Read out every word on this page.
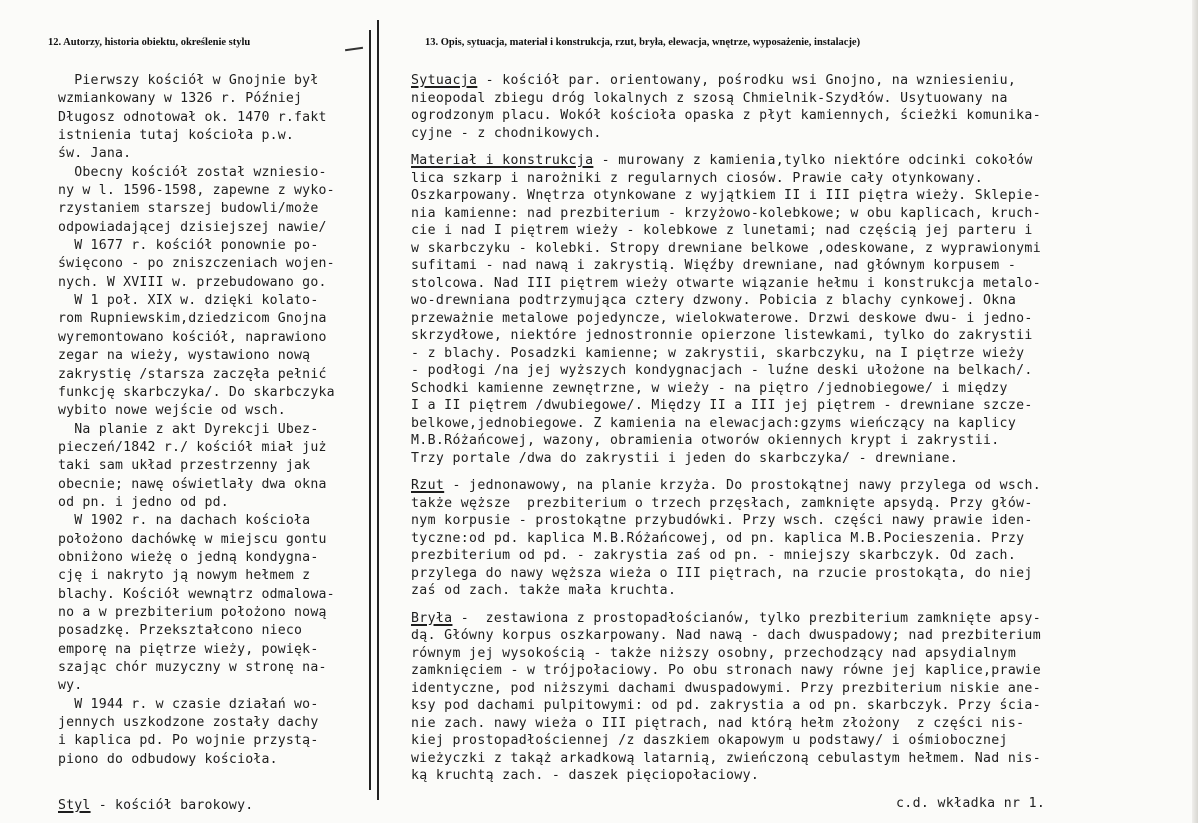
12. Autorzy, historia obiektu, określenie stylu	13. Opis, sytuacja, materiał i konstrukcja, rzut, bryła, elewacja, wnętrze, wyposażenie, instalacje)
Pierwszy kościół w Gnojnie był
wzmiankowany w 1326 r. Później
Długosz odnotował ok. 1470 r.fakt
istnienia tutaj kościoła p.w.
św. Jana.
Obecny kościół został wzniesio-
ny w l. 1596-1598, zapewne z wyko-
rzystaniem starszej budowli/może
odpowiadającej dzisiejszej nawie/
W 1677 r. kościół ponownie po-
święcono - po zniszczeniach wojen-
nych. W XVIII w. przebudowano go.
W 1 poł. XIX w. dzięki kolato-
rom Rupniewskim,dziedzicom Gnojna
wyremontowano kościół, naprawiono
zegar na wieży, wystawiono nową
zakrystię /starsza zaczęła pełnić
funkcję skarbczyka/. Do skarbczyka
wybito nowe wejście od wsch.
Na planie z akt Dyrekcji Ubez-
pieczeń/1842 r./ kościół miał już
taki sam układ przestrzenny jak
obecnie; nawę oświetlały dwa okna
od pn. i jedno od pd.
W 1902 r. na dachach kościoła
położono dachówkę w miejscu gontu
obniżono wieżę o jedną kondygna-
cję i nakryto ją nowym hełmem z
blachy. Kościół wewnątrz odmalowa-
no a w prezbiterium położono nową
posadzkę. Przekształcono nieco
emporę na piętrze wieży, powięk-
szając chór muzyczny w stronę na-
wy.
W 1944 r. w czasie działań wo-
jennych uszkodzone zostały dachy
i kaplica pd. Po wojnie przystą-
piono do odbudowy kościoła.
Styl - kościół barokowy.
Sytuacja - kościół par. orientowany, pośrodku wsi Gnojno, na wzniesieniu,
nieopodal zbiegu dróg lokalnych z szosą Chmielnik-Szydłów. Usytuowany na
ogrodzonym placu. Wokół kościoła opaska z płyt kamiennych, ścieżki komunika-
cyjne - z chodnikowych.
Materiał i konstrukcja - murowany z kamienia,tylko niektóre odcinki cokołów
lica szkarp i narożniki z regularnych ciosów. Prawie cały otynkowany.
Oszkarpowany. Wnętrza otynkowane z wyjątkiem II i III piętra wieży. Sklepie-
nia kamienne: nad prezbiterium - krzyżowo-kolebkowe; w obu kaplicach, kruch-
cie i nad I piętrem wieży - kolebkowe z lunetami; nad częścią jej parteru i
w skarbczyku - kolebki. Stropy drewniane belkowe ,odeskowane, z wyprawionymi
sufitami - nad nawą i zakrystią. Więźby drewniane, nad głównym korpusem -
stolcowa. Nad III piętrem wieży otwarte wiązanie hełmu i konstrukcja metalo-
wo-drewniana podtrzymująca cztery dzwony. Pobicia z blachy cynkowej. Okna
przeważnie metalowe pojedyncze, wielokwaterowe. Drzwi deskowe dwu- i jedno-
skrzydłowe, niektóre jednostronnie opierzone listewkami, tylko do zakrystii
- z blachy. Posadzki kamienne; w zakrystii, skarbczyku, na I piętrze wieży
- podłogi /na jej wyższych kondygnacjach - luźne deski ułożone na belkach/.
Schodki kamienne zewnętrzne, w wieży - na piętro /jednobiegowe/ i między
I a II piętrem /dwubiegowe/. Między II a III jej piętrem - drewniane szcze-
belkowe,jednobiegowe. Z kamienia na elewacjach:gzyms wieńczący na kaplicy
M.B.Różańcowej, wazony, obramienia otworów okiennych krypt i zakrystii.
Trzy portale /dwa do zakrystii i jeden do skarbczyka/ - drewniane.
Rzut - jednonawowy, na planie krzyża. Do prostokątnej nawy przylega od wsch.
także węższe  prezbiterium o trzech przęsłach, zamknięte apsydą. Przy głów-
nym korpusie - prostokątne przybudówki. Przy wsch. części nawy prawie iden-
tyczne:od pd. kaplica M.B.Różańcowej, od pn. kaplica M.B.Pocieszenia. Przy
prezbiterium od pd. - zakrystia zaś od pn. - mniejszy skarbczyk. Od zach.
przylega do nawy węższa wieża o III piętrach, na rzucie prostokąta, do niej
zaś od zach. także mała kruchta.
Bryła -  zestawiona z prostopadłościanów, tylko prezbiterium zamknięte apsy-
dą. Główny korpus oszkarpowany. Nad nawą - dach dwuspadowy; nad prezbiterium
równym jej wysokością - także niższy osobny, przechodzący nad apsydialnym
zamknięciem - w trójpołaciowy. Po obu stronach nawy równe jej kaplice,prawie
identyczne, pod niższymi dachami dwuspadowymi. Przy prezbiterium niskie ane-
ksy pod dachami pulpitowymi: od pd. zakrystia a od pn. skarbczyk. Przy ścia-
nie zach. nawy wieża o III piętrach, nad którą hełm złożony  z części nis-
kiej prostopadłościennej /z daszkiem okapowym u podstawy/ i ośmiobocznej
wieżyczki z takąż arkadkową latarnią, zwieńczoną cebulastym hełmem. Nad nis-
ką kruchtą zach. - daszek pięciopołaciowy.
c.d. wkładka nr 1.
